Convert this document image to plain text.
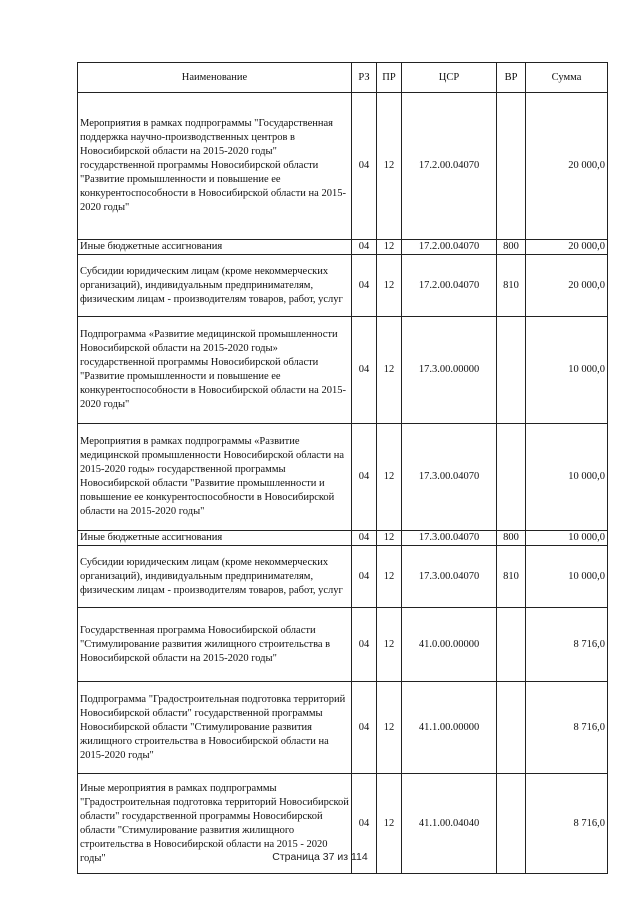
Наименование	РЗ	ПР	ЦСР	ВР	Сумма
Мероприятия в рамках подпрограммы "Государственная поддержка научно-производственных центров в Новосибирской области на 2015-2020 годы" государственной программы Новосибирской области "Развитие промышленности и повышение ее конкурентоспособности в Новосибирской области на 2015-2020 годы"	04	12	17.2.00.04070		20 000,0
Иные бюджетные ассигнования	04	12	17.2.00.04070	800	20 000,0
Субсидии юридическим лицам (кроме некоммерческих организаций), индивидуальным предпринимателям, физическим лицам - производителям товаров, работ, услуг	04	12	17.2.00.04070	810	20 000,0
Подпрограмма «Развитие медицинской промышленности Новосибирской области на 2015-2020 годы» государственной программы Новосибирской области "Развитие промышленности и повышение ее конкурентоспособности в Новосибирской области на 2015-2020 годы"	04	12	17.3.00.00000		10 000,0
Мероприятия в рамках подпрограммы «Развитие медицинской промышленности Новосибирской области на 2015-2020 годы» государственной программы Новосибирской области "Развитие промышленности и повышение ее конкурентоспособности в Новосибирской области на 2015-2020 годы"	04	12	17.3.00.04070		10 000,0
Иные бюджетные ассигнования	04	12	17.3.00.04070	800	10 000,0
Субсидии юридическим лицам (кроме некоммерческих организаций), индивидуальным предпринимателям, физическим лицам - производителям товаров, работ, услуг	04	12	17.3.00.04070	810	10 000,0
Государственная программа Новосибирской области "Стимулирование развития жилищного строительства в Новосибирской области на 2015-2020 годы"	04	12	41.0.00.00000		8 716,0
Подпрограмма "Градостроительная подготовка территорий Новосибирской области" государственной программы Новосибирской области "Стимулирование развития жилищного строительства в Новосибирской области на 2015-2020 годы"	04	12	41.1.00.00000		8 716,0
Иные мероприятия в рамках подпрограммы "Градостроительная подготовка территорий Новосибирской области" государственной программы Новосибирской области "Стимулирование развития жилищного строительства в Новосибирской области на 2015 - 2020 годы"	04	12	41.1.00.04040		8 716,0
Страница 37 из 114
